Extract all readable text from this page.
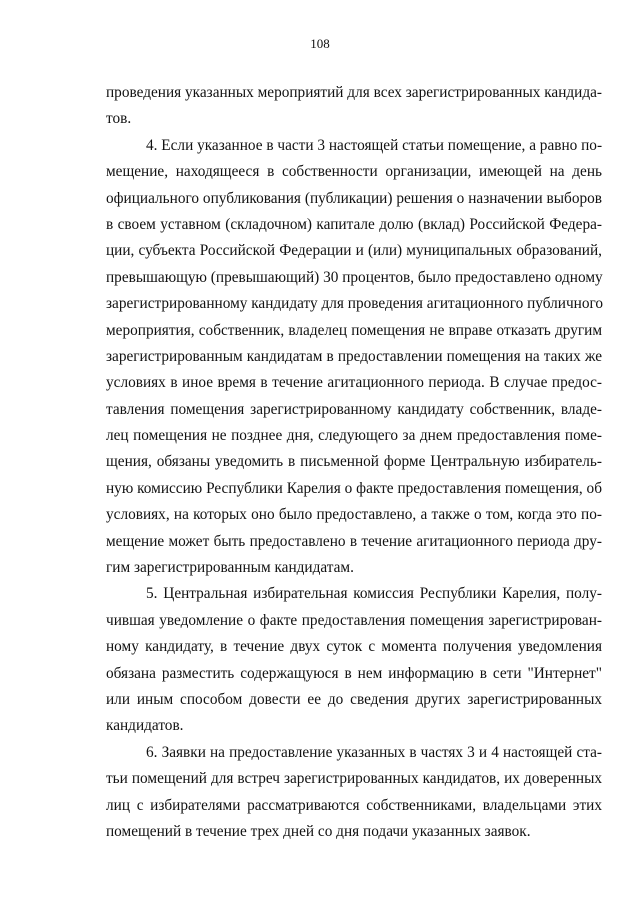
108
проведения указанных мероприятий для всех зарегистрированных кандида-
тов.
4. Если указанное в части 3 настоящей статьи помещение, а равно по-
мещение, находящееся в собственности организации, имеющей на день
официального опубликования (публикации) решения о назначении выборов
в своем уставном (складочном) капитале долю (вклад) Российской Федера-
ции, субъекта Российской Федерации и (или) муниципальных образований,
превышающую (превышающий) 30 процентов, было предоставлено одному
зарегистрированному кандидату для проведения агитационного публичного
мероприятия, собственник, владелец помещения не вправе отказать другим
зарегистрированным кандидатам в предоставлении помещения на таких же
условиях в иное время в течение агитационного периода. В случае предос-
тавления помещения зарегистрированному кандидату собственник, владе-
лец помещения не позднее дня, следующего за днем предоставления поме-
щения, обязаны уведомить в письменной форме Центральную избиратель-
ную комиссию Республики Карелия о факте предоставления помещения, об
условиях, на которых оно было предоставлено, а также о том, когда это по-
мещение может быть предоставлено в течение агитационного периода дру-
гим зарегистрированным кандидатам.
5. Центральная избирательная комиссия Республики Карелия, полу-
чившая уведомление о факте предоставления помещения зарегистрирован-
ному кандидату, в течение двух суток с момента получения уведомления
обязана разместить содержащуюся в нем информацию в сети "Интернет"
или иным способом довести ее до сведения других зарегистрированных
кандидатов.
6. Заявки на предоставление указанных в частях 3 и 4 настоящей ста-
тьи помещений для встреч зарегистрированных кандидатов, их доверенных
лиц с избирателями рассматриваются собственниками, владельцами этих
помещений в течение трех дней со дня подачи указанных заявок.
